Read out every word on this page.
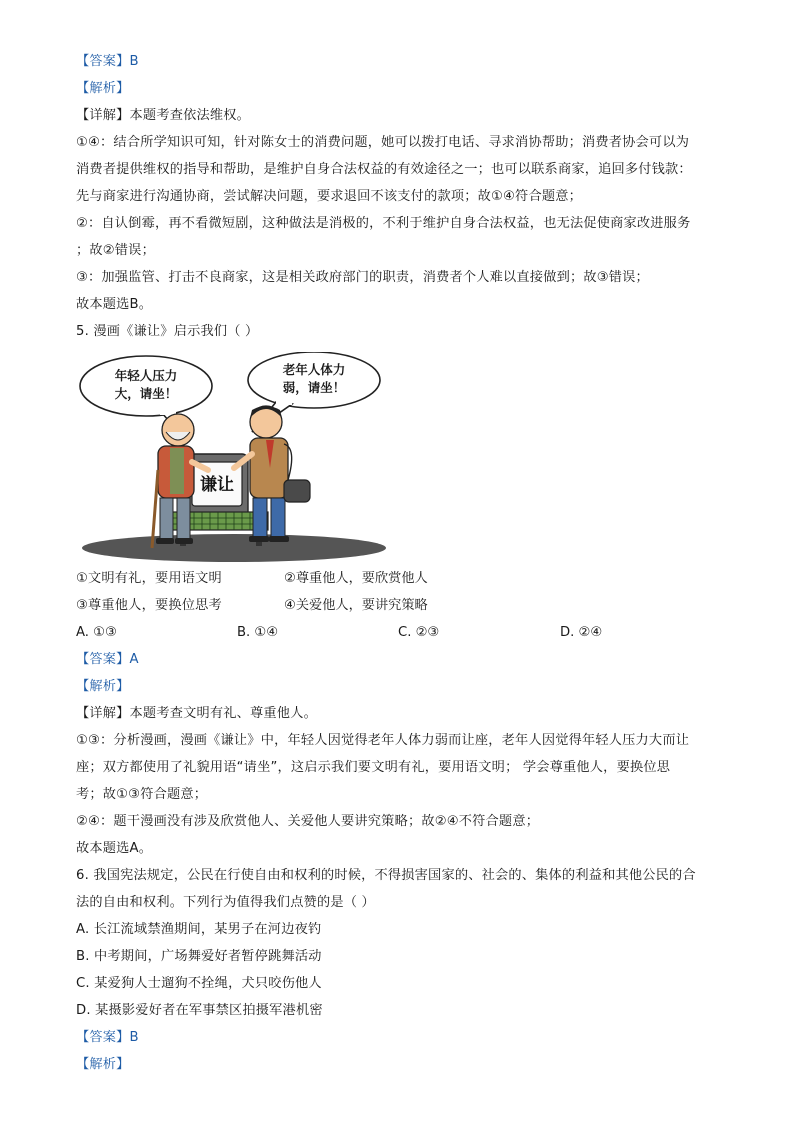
【答案】B
【解析】
【详解】本题考查依法维权。
①④：结合所学知识可知，针对陈女士的消费问题，她可以拨打电话、寻求消协帮助；消费者协会可以为
消费者提供维权的指导和帮助，是维护自身合法权益的有效途径之一；也可以联系商家，追回多付钱款：
先与商家进行沟通协商，尝试解决问题，要求退回不该支付的款项；故①④符合题意；
②：自认倒霉，再不看微短剧，这种做法是消极的，不利于维护自身合法权益，也无法促使商家改进服务
；故②错误；
③：加强监管、打击不良商家，这是相关政府部门的职责，消费者个人难以直接做到；故③错误；
故本题选B。
5. 漫画《谦让》启示我们（ ）
年轻人压力
大，请坐！
老年人体力
弱，请坐！
谦让
①文明有礼，要用语文明	②尊重他人，要欣赏他人
③尊重他人，要换位思考	④关爱他人，要讲究策略
A. ①③	B. ①④	C. ②③	D. ②④
【答案】A
【解析】
【详解】本题考查文明有礼、尊重他人。
①③：分析漫画，漫画《谦让》中，年轻人因觉得老年人体力弱而让座，老年人因觉得年轻人压力大而让
座；双方都使用了礼貌用语“请坐”，这启示我们要文明有礼，要用语文明； 学会尊重他人，要换位思
考；故①③符合题意；
②④：题干漫画没有涉及欣赏他人、关爱他人要讲究策略；故②④不符合题意；
故本题选A。
6. 我国宪法规定，公民在行使自由和权利的时候，不得损害国家的、社会的、集体的利益和其他公民的合
法的自由和权利。下列行为值得我们点赞的是（ ）
A. 长江流域禁渔期间，某男子在河边夜钓
B. 中考期间，广场舞爱好者暂停跳舞活动
C. 某爱狗人士遛狗不拴绳，犬只咬伤他人
D. 某摄影爱好者在军事禁区拍摄军港机密
【答案】B
【解析】
